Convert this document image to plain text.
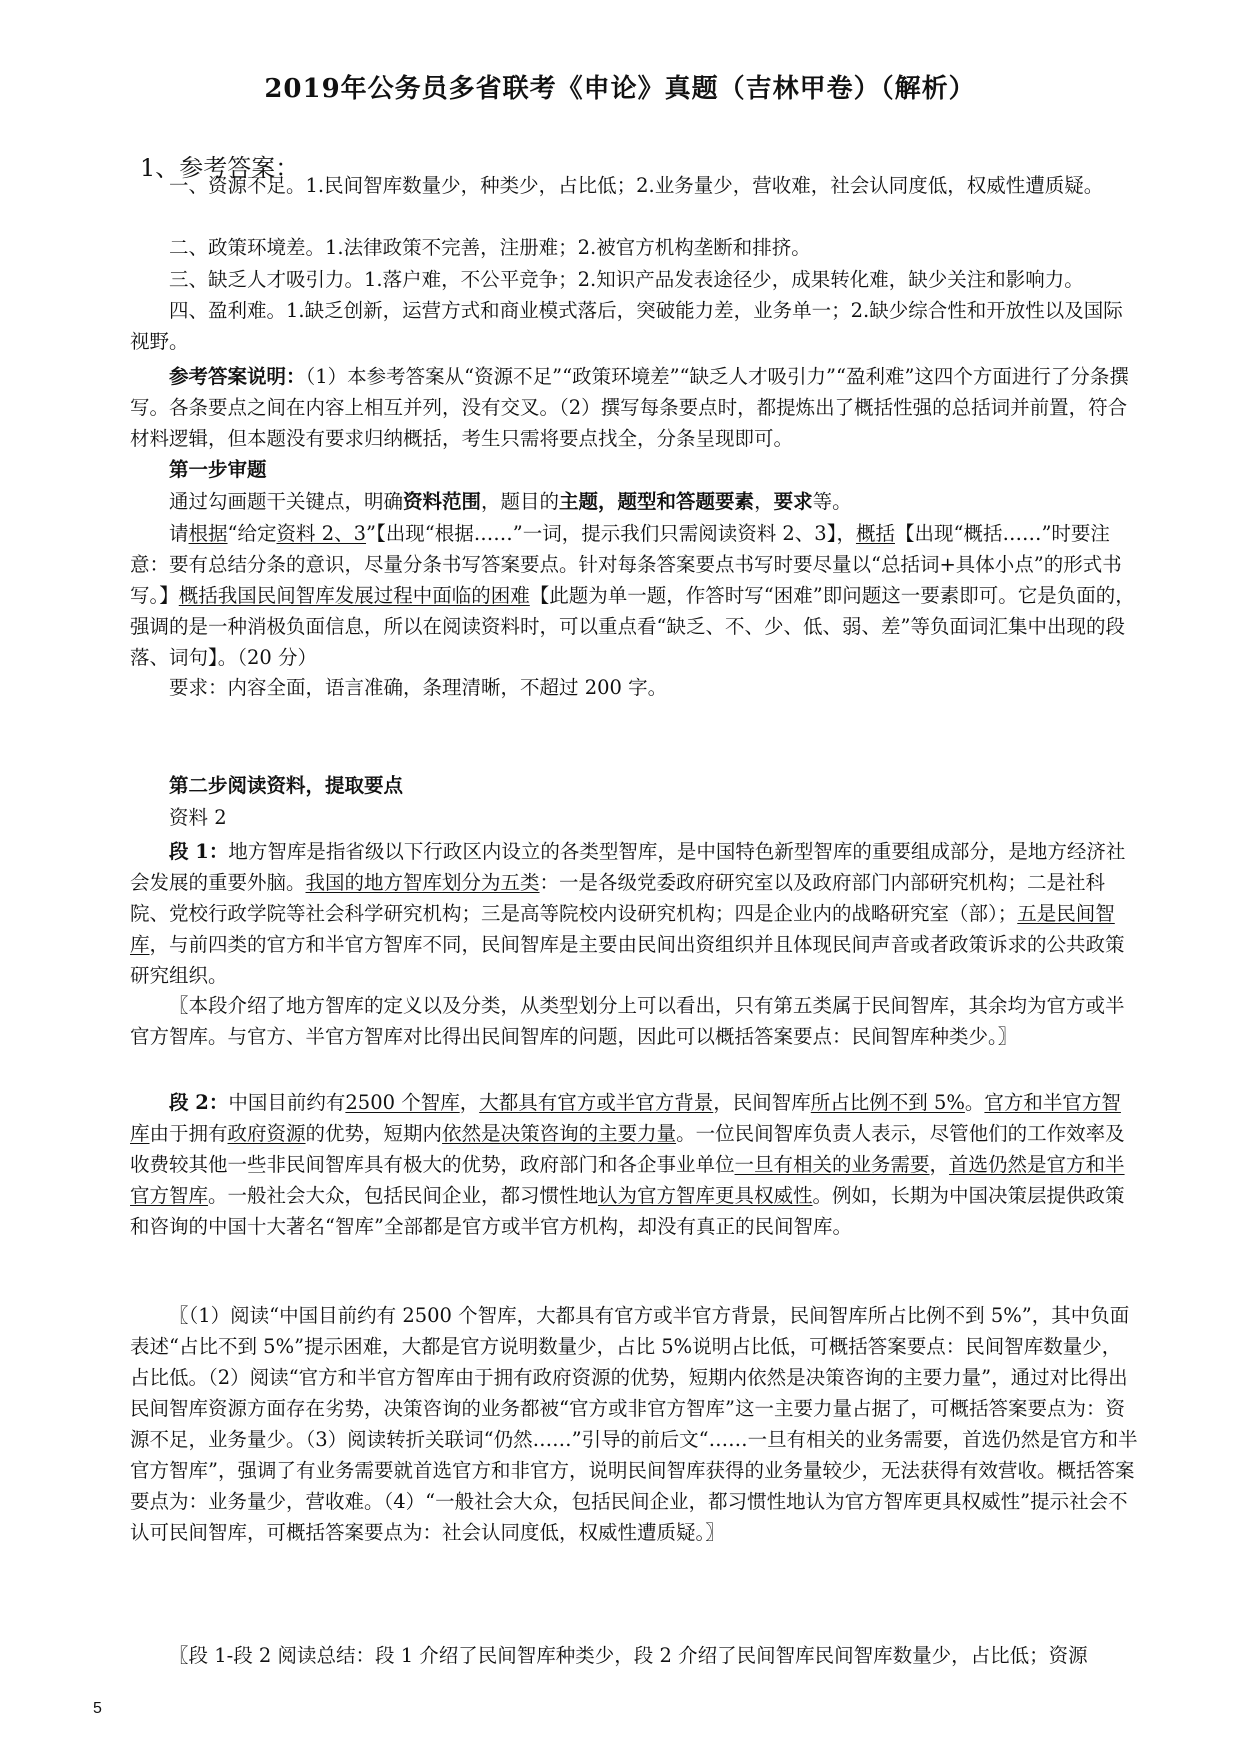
2019年公务员多省联考《申论》真题（吉林甲卷）（解析）
1、参考答案：
一、资源不足。1.民间智库数量少，种类少，占比低；2.业务量少，营收难，社会认同度低，权威性遭质疑。
二、政策环境差。1.法律政策不完善，注册难；2.被官方机构垄断和排挤。
三、缺乏人才吸引力。1.落户难，不公平竞争；2.知识产品发表途径少，成果转化难，缺少关注和影响力。
四、盈利难。1.缺乏创新，运营方式和商业模式落后，突破能力差，业务单一；2.缺少综合性和开放性以及国际视野。
参考答案说明：（1）本参考答案从“资源不足”“政策环境差”“缺乏人才吸引力”“盈利难”这四个方面进行了分条撰写。各条要点之间在内容上相互并列，没有交叉。（2）撰写每条要点时，都提炼出了概括性强的总括词并前置，符合材料逻辑，但本题没有要求归纳概括，考生只需将要点找全，分条呈现即可。
第一步审题
通过勾画题干关键点，明确资料范围，题目的主题，题型和答题要素，要求等。
请根据“给定资料 2、3”【出现“根据……”一词，提示我们只需阅读资料 2、3】，概括【出现“概括……”时要注意：要有总结分条的意识，尽量分条书写答案要点。针对每条答案要点书写时要尽量以“总括词+具体小点”的形式书写。】概括我国民间智库发展过程中面临的困难【此题为单一题，作答时写“困难”即问题这一要素即可。它是负面的，强调的是一种消极负面信息，所以在阅读资料时，可以重点看“缺乏、不、少、低、弱、差”等负面词汇集中出现的段落、词句】。（20 分）
要求：内容全面，语言准确，条理清晰，不超过 200 字。
第二步阅读资料，提取要点
资料 2
段 1：地方智库是指省级以下行政区内设立的各类型智库，是中国特色新型智库的重要组成部分，是地方经济社会发展的重要外脑。我国的地方智库划分为五类：一是各级党委政府研究室以及政府部门内部研究机构；二是社科院、党校行政学院等社会科学研究机构；三是高等院校内设研究机构；四是企业内的战略研究室（部）；五是民间智库，与前四类的官方和半官方智库不同，民间智库是主要由民间出资组织并且体现民间声音或者政策诉求的公共政策研究组织。
〖本段介绍了地方智库的定义以及分类，从类型划分上可以看出，只有第五类属于民间智库，其余均为官方或半官方智库。与官方、半官方智库对比得出民间智库的问题，因此可以概括答案要点：民间智库种类少。〗
段 2：中国目前约有2500 个智库，大都具有官方或半官方背景，民间智库所占比例不到 5%。官方和半官方智库由于拥有政府资源的优势，短期内依然是决策咨询的主要力量。一位民间智库负责人表示，尽管他们的工作效率及收费较其他一些非民间智库具有极大的优势，政府部门和各企事业单位一旦有相关的业务需要，首选仍然是官方和半官方智库。一般社会大众，包括民间企业，都习惯性地认为官方智库更具权威性。例如，长期为中国决策层提供政策和咨询的中国十大著名“智库”全部都是官方或半官方机构，却没有真正的民间智库。
〖（1）阅读“中国目前约有 2500 个智库，大都具有官方或半官方背景，民间智库所占比例不到 5%”，其中负面表述“占比不到 5%”提示困难，大都是官方说明数量少，占比 5%说明占比低，可概括答案要点：民间智库数量少，占比低。（2）阅读“官方和半官方智库由于拥有政府资源的优势，短期内依然是决策咨询的主要力量”，通过对比得出民间智库资源方面存在劣势，决策咨询的业务都被“官方或非官方智库”这一主要力量占据了，可概括答案要点为：资源不足，业务量少。（3）阅读转折关联词“仍然……”引导的前后文“……一旦有相关的业务需要，首选仍然是官方和半官方智库”，强调了有业务需要就首选官方和非官方，说明民间智库获得的业务量较少，无法获得有效营收。概括答案要点为：业务量少，营收难。（4）“一般社会大众，包括民间企业，都习惯性地认为官方智库更具权威性”提示社会不认可民间智库，可概括答案要点为：社会认同度低，权威性遭质疑。〗
〖段 1-段 2 阅读总结：段 1 介绍了民间智库种类少，段 2 介绍了民间智库民间智库数量少，占比低；资源
5
